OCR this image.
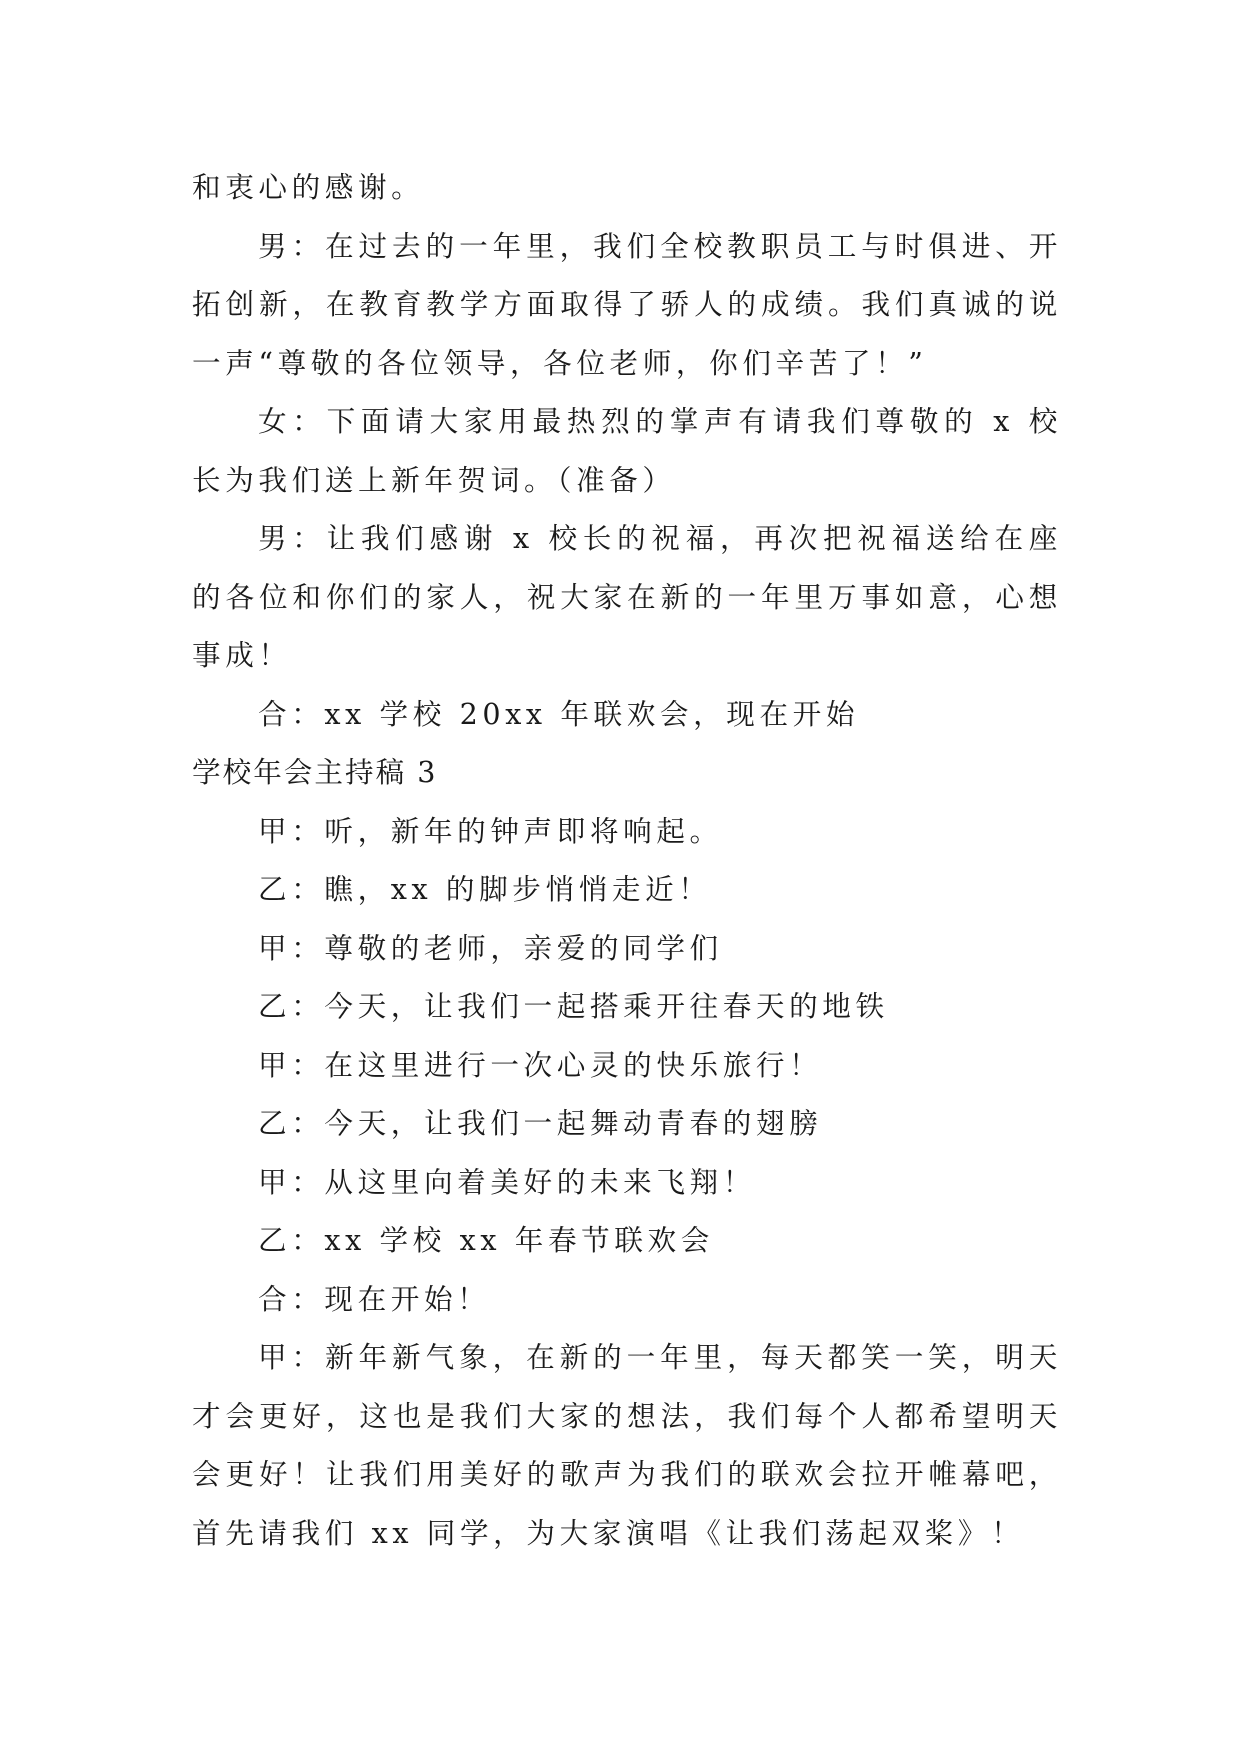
和衷心的感谢。

男：在过去的一年里，我们全校教职员工与时俱进、开拓创新，在教育教学方面取得了骄人的成绩。我们真诚的说一声“尊敬的各位领导，各位老师，你们辛苦了！”

女：下面请大家用最热烈的掌声有请我们尊敬的 x 校长为我们送上新年贺词。（准备）

男：让我们感谢 x 校长的祝福，再次把祝福送给在座的各位和你们的家人，祝大家在新的一年里万事如意，心想事成！

合：xx 学校 20xx 年联欢会，现在开始

学校年会主持稿 3

甲：听，新年的钟声即将响起。

乙：瞧，xx 的脚步悄悄走近！

甲：尊敬的老师，亲爱的同学们

乙：今天，让我们一起搭乘开往春天的地铁

甲：在这里进行一次心灵的快乐旅行！

乙：今天，让我们一起舞动青春的翅膀

甲：从这里向着美好的未来飞翔！

乙：xx 学校 xx 年春节联欢会

合：现在开始！

甲：新年新气象，在新的一年里，每天都笑一笑，明天才会更好，这也是我们大家的想法，我们每个人都希望明天会更好！让我们用美好的歌声为我们的联欢会拉开帷幕吧，首先请我们 xx 同学，为大家演唱《让我们荡起双桨》！
